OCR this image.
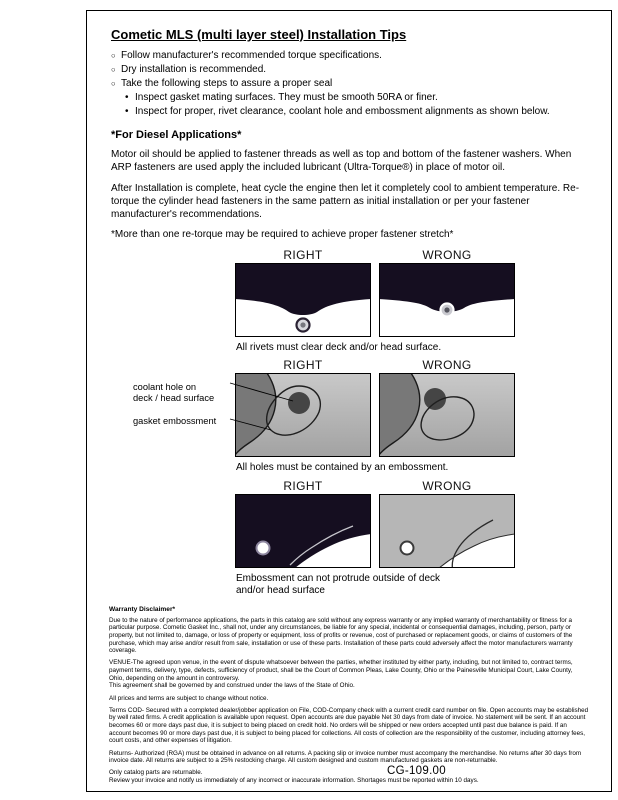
Cometic MLS (multi layer steel) Installation Tips
○ Follow manufacturer's recommended torque specifications.
○ Dry installation is recommended.
○ Take the following steps to assure a proper seal
• Inspect gasket mating surfaces. They must be smooth 50RA or finer.
• Inspect for proper, rivet clearance, coolant hole and embossment alignments as shown below.
*For Diesel Applications*

Motor oil should be applied to fastener threads as well as top and bottom of the fastener washers. When ARP fasteners are used apply the included lubricant (Ultra-Torque®) in place of motor oil.

After Installation is complete, heat cycle the engine then let it completely cool to ambient temperature. Re-torque the cylinder head fasteners in the same pattern as initial installation or per your fastener manufacturer's recommendations.

*More than one re-torque may be required to achieve proper fastener stretch*

RIGHT	WRONG
All rivets must clear deck and/or head surface.
RIGHT	WRONG
coolant hole on
deck / head surface
gasket embossment
All holes must be contained by an embossment.
RIGHT	WRONG
Embossment can not protrude outside of deck
and/or head surface
Warranty Disclaimer*

Due to the nature of performance applications, the parts in this catalog are sold without any express warranty or any implied warranty of merchantability or fitness for a particular purpose. Cometic Gasket Inc., shall not, under any circumstances, be liable for any special, incidental or consequential damages, including, person, party or property, but not limited to, damage, or loss of property or equipment, loss of profits or revenue, cost of purchased or replacement goods, or claims of customers of the purchase, which may arise and/or result from sale, installation or use of these parts. Installation of these parts could adversely affect the motor manufacturers warranty coverage.

VENUE-The agreed upon venue, in the event of dispute whatsoever between the parties, whether instituted by either party, including, but not limited to, contract terms, payment terms, delivery, type, defects, sufficiency of product, shall be the Court of Common Pleas, Lake County, Ohio or the Painesville Municipal Court, Lake County, Ohio, depending on the amount in controversy.
This agreement shall be governed by and construed under the laws of the State of Ohio.

All prices and terms are subject to change without notice.

Terms COD- Secured with a completed dealer/jobber application on File, COD-Company check with a current credit card number on file. Open accounts may be established by well rated firms. A credit application is available upon request. Open accounts are due payable Net 30 days from date of invoice. No statement will be sent. If an account becomes 60 or more days past due, it is subject to being placed on credit hold. No orders will be shipped or new orders accepted until past due balance is paid. If an account becomes 90 or more days past due, it is subject to being placed for collections. All costs of collection are the responsibility of the customer, including attorney fees, court costs, and other expenses of litigation.

Returns- Authorized (RGA) must be obtained in advance on all returns. A packing slip or invoice number must accompany the merchandise. No returns after 30 days from invoice date. All returns are subject to a 25% restocking charge. All custom designed and custom manufactured gaskets are non-returnable.

Only catalog parts are returnable.
Review your invoice and notify us immediately of any incorrect or inaccurate information. Shortages must be reported within 10 days.

CG-109.00
